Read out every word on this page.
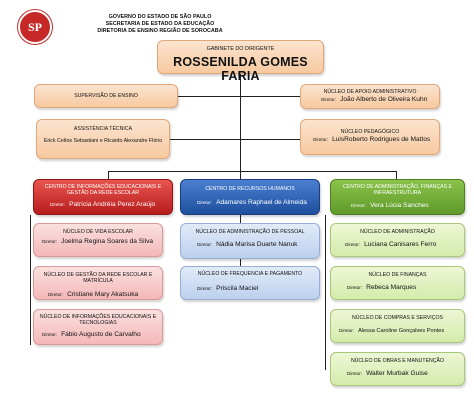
SP
GOVERNO DO ESTADO DE SÃO PAULO
SECRETARIA DE ESTADO DA EDUCAÇÃO
DIRETORIA DE ENSINO REGIÃO DE SOROCABA
GABINETE DO DIRIGENTE
ROSSENILDA GOMES FARIA
SUPERVISÃO DE ENSINO
ASSISTÊNCIA TÉCNICA
Erick Cetlos Sebastiani e Ricardo Alexandre Flório
NÚCLEO DE APOIO ADMINISTRATIVO
Diretor: João Alberto de Oliveira Kuhn
NÚCLEO PEDAGÓGICO
Diretor: LuisRoberto Rodrigues de Mattos
CENTRO DE INFORMAÇÕES EDUCACIONAIS E GESTÃO DA REDE ESCOLAR
Diretor: Patrícia Andréia Perez Araújo
NÚCLEO DE VIDA ESCOLAR
Diretor: Joelma Regina Soares da Silva
NÚCLEO DE GESTÃO DA REDE ESCOLAR E MATRÍCULA
Diretor: Cristiane Mary Akatsuka
NÚCLEO DE INFORMAÇÕES EDUCACIONAIS E TECNOLOGIAS
Diretor: Fábio Augusto de Carvalho
CENTRO DE RECURSOS HUMANOS
Diretor: Adamares Raphael de Almeida
NÚCLEO DE ADMINISTRAÇÃO DE PESSOAL
Diretor: Nádia Marisa Duarte Nanuk
NÚCLEO DE FREQUENCIA E PAGAMENTO
Diretor: Priscila Maciel
CENTRO DE ADMINISTRAÇÃO, FINANÇAS E INFRAESTRUTURA
Diretor: Vera Lúcia Sanches
NÚCLEO DE ADMINISTRAÇÃO
Diretor: Luciana Canisares Ferro
NÚCLEO DE FINANÇAS
Diretor: Rebeca Marques
NÚCLEO DE COMPRAS E SERVIÇOS
Diretor: Alessa Caroline Gonçalves Pontes
NÚCLEO DE OBRAS E MANUTENÇÃO
Diretor: Walter Murbak Guise
